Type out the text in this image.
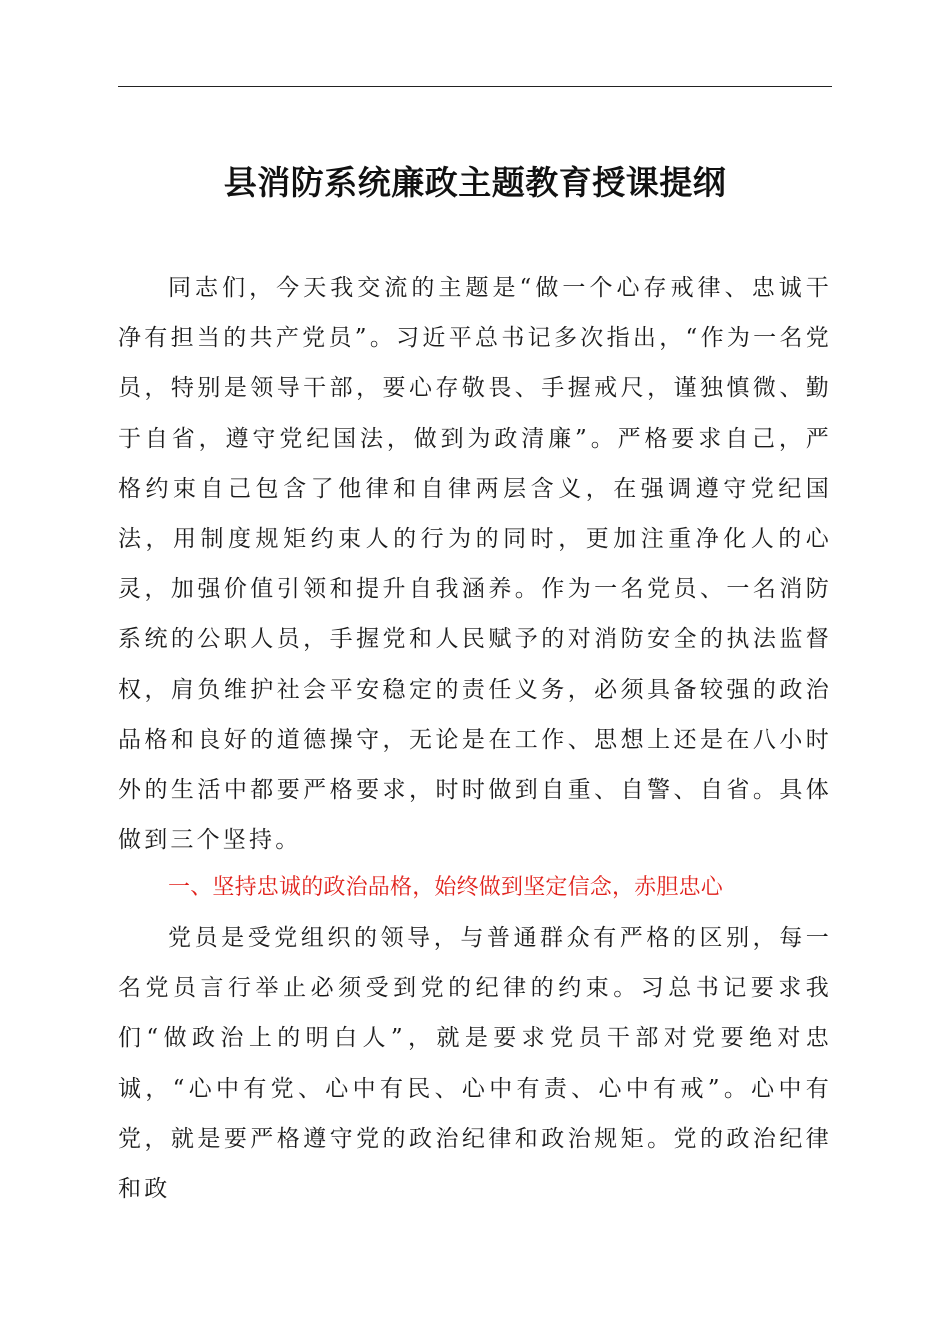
县消防系统廉政主题教育授课提纲

同志们，今天我交流的主题是“做一个心存戒律、忠诚干净有担当的共产党员”。习近平总书记多次指出，“作为一名党员，特别是领导干部，要心存敬畏、手握戒尺，谨独慎微、勤于自省，遵守党纪国法，做到为政清廉”。严格要求自己，严格约束自己包含了他律和自律两层含义，在强调遵守党纪国法，用制度规矩约束人的行为的同时，更加注重净化人的心灵，加强价值引领和提升自我涵养。作为一名党员、一名消防系统的公职人员，手握党和人民赋予的对消防安全的执法监督权，肩负维护社会平安稳定的责任义务，必须具备较强的政治品格和良好的道德操守，无论是在工作、思想上还是在八小时外的生活中都要严格要求，时时做到自重、自警、自省。具体做到三个坚持。

一、坚持忠诚的政治品格，始终做到坚定信念，赤胆忠心

党员是受党组织的领导，与普通群众有严格的区别，每一名党员言行举止必须受到党的纪律的约束。习总书记要求我们“做政治上的明白人”，就是要求党员干部对党要绝对忠诚，“心中有党、心中有民、心中有责、心中有戒”。心中有党，就是要严格遵守党的政治纪律和政治规矩。党的政治纪律和政
